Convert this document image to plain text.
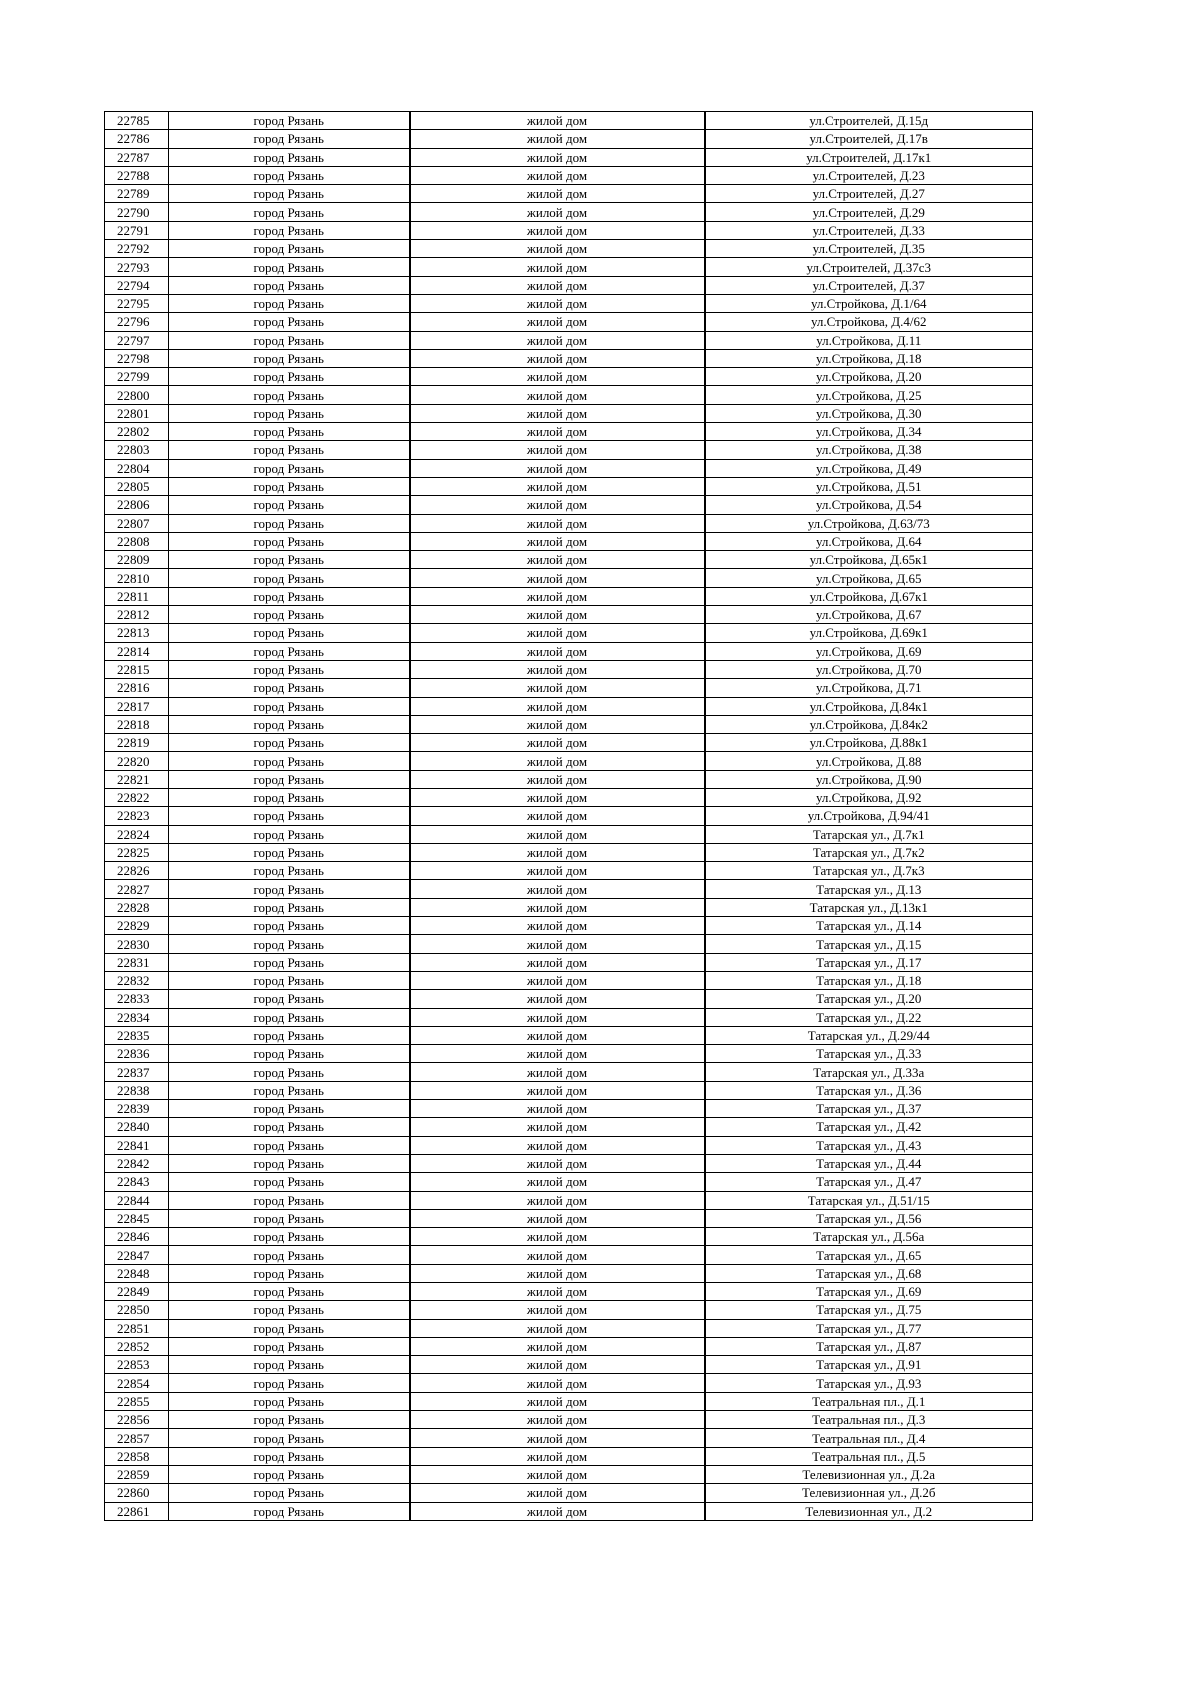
22785	город Рязань	жилой дом	ул.Строителей, Д.15д
22786	город Рязань	жилой дом	ул.Строителей, Д.17в
22787	город Рязань	жилой дом	ул.Строителей, Д.17к1
22788	город Рязань	жилой дом	ул.Строителей, Д.23
22789	город Рязань	жилой дом	ул.Строителей, Д.27
22790	город Рязань	жилой дом	ул.Строителей, Д.29
22791	город Рязань	жилой дом	ул.Строителей, Д.33
22792	город Рязань	жилой дом	ул.Строителей, Д.35
22793	город Рязань	жилой дом	ул.Строителей, Д.37с3
22794	город Рязань	жилой дом	ул.Строителей, Д.37
22795	город Рязань	жилой дом	ул.Стройкова, Д.1/64
22796	город Рязань	жилой дом	ул.Стройкова, Д.4/62
22797	город Рязань	жилой дом	ул.Стройкова, Д.11
22798	город Рязань	жилой дом	ул.Стройкова, Д.18
22799	город Рязань	жилой дом	ул.Стройкова, Д.20
22800	город Рязань	жилой дом	ул.Стройкова, Д.25
22801	город Рязань	жилой дом	ул.Стройкова, Д.30
22802	город Рязань	жилой дом	ул.Стройкова, Д.34
22803	город Рязань	жилой дом	ул.Стройкова, Д.38
22804	город Рязань	жилой дом	ул.Стройкова, Д.49
22805	город Рязань	жилой дом	ул.Стройкова, Д.51
22806	город Рязань	жилой дом	ул.Стройкова, Д.54
22807	город Рязань	жилой дом	ул.Стройкова, Д.63/73
22808	город Рязань	жилой дом	ул.Стройкова, Д.64
22809	город Рязань	жилой дом	ул.Стройкова, Д.65к1
22810	город Рязань	жилой дом	ул.Стройкова, Д.65
22811	город Рязань	жилой дом	ул.Стройкова, Д.67к1
22812	город Рязань	жилой дом	ул.Стройкова, Д.67
22813	город Рязань	жилой дом	ул.Стройкова, Д.69к1
22814	город Рязань	жилой дом	ул.Стройкова, Д.69
22815	город Рязань	жилой дом	ул.Стройкова, Д.70
22816	город Рязань	жилой дом	ул.Стройкова, Д.71
22817	город Рязань	жилой дом	ул.Стройкова, Д.84к1
22818	город Рязань	жилой дом	ул.Стройкова, Д.84к2
22819	город Рязань	жилой дом	ул.Стройкова, Д.88к1
22820	город Рязань	жилой дом	ул.Стройкова, Д.88
22821	город Рязань	жилой дом	ул.Стройкова, Д.90
22822	город Рязань	жилой дом	ул.Стройкова, Д.92
22823	город Рязань	жилой дом	ул.Стройкова, Д.94/41
22824	город Рязань	жилой дом	Татарская ул., Д.7к1
22825	город Рязань	жилой дом	Татарская ул., Д.7к2
22826	город Рязань	жилой дом	Татарская ул., Д.7к3
22827	город Рязань	жилой дом	Татарская ул., Д.13
22828	город Рязань	жилой дом	Татарская ул., Д.13к1
22829	город Рязань	жилой дом	Татарская ул., Д.14
22830	город Рязань	жилой дом	Татарская ул., Д.15
22831	город Рязань	жилой дом	Татарская ул., Д.17
22832	город Рязань	жилой дом	Татарская ул., Д.18
22833	город Рязань	жилой дом	Татарская ул., Д.20
22834	город Рязань	жилой дом	Татарская ул., Д.22
22835	город Рязань	жилой дом	Татарская ул., Д.29/44
22836	город Рязань	жилой дом	Татарская ул., Д.33
22837	город Рязань	жилой дом	Татарская ул., Д.33а
22838	город Рязань	жилой дом	Татарская ул., Д.36
22839	город Рязань	жилой дом	Татарская ул., Д.37
22840	город Рязань	жилой дом	Татарская ул., Д.42
22841	город Рязань	жилой дом	Татарская ул., Д.43
22842	город Рязань	жилой дом	Татарская ул., Д.44
22843	город Рязань	жилой дом	Татарская ул., Д.47
22844	город Рязань	жилой дом	Татарская ул., Д.51/15
22845	город Рязань	жилой дом	Татарская ул., Д.56
22846	город Рязань	жилой дом	Татарская ул., Д.56а
22847	город Рязань	жилой дом	Татарская ул., Д.65
22848	город Рязань	жилой дом	Татарская ул., Д.68
22849	город Рязань	жилой дом	Татарская ул., Д.69
22850	город Рязань	жилой дом	Татарская ул., Д.75
22851	город Рязань	жилой дом	Татарская ул., Д.77
22852	город Рязань	жилой дом	Татарская ул., Д.87
22853	город Рязань	жилой дом	Татарская ул., Д.91
22854	город Рязань	жилой дом	Татарская ул., Д.93
22855	город Рязань	жилой дом	Театральная пл., Д.1
22856	город Рязань	жилой дом	Театральная пл., Д.3
22857	город Рязань	жилой дом	Театральная пл., Д.4
22858	город Рязань	жилой дом	Театральная пл., Д.5
22859	город Рязань	жилой дом	Телевизионная ул., Д.2а
22860	город Рязань	жилой дом	Телевизионная ул., Д.2б
22861	город Рязань	жилой дом	Телевизионная ул., Д.2
